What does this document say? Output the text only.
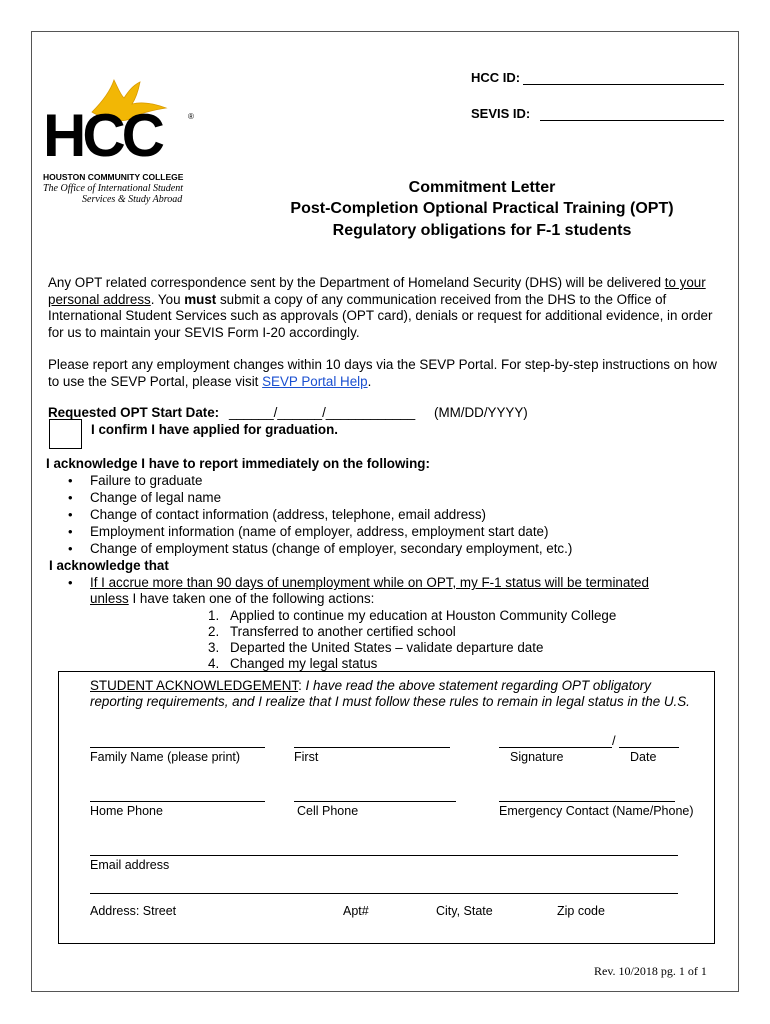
HCC	®
HOUSTON COMMUNITY COLLEGE
The Office of International Student
Services & Study Abroad
HCC ID:
SEVIS ID:
Commitment Letter
Post-Completion Optional Practical Training (OPT)
Regulatory obligations for F-1 students
Any OPT related correspondence sent by the Department of Homeland Security (DHS) will be delivered to your personal address. You must submit a copy of any communication received from the DHS to the Office of International Student Services such as approvals (OPT card), denials or request for additional evidence, in order for us to maintain your SEVIS Form I-20 accordingly.
Please report any employment changes within 10 days via the SEVP Portal. For step-by-step instructions on how to use the SEVP Portal, please visit SEVP Portal Help.
Requested OPT Start Date: ______/______/____________ (MM/DD/YYYY)
I confirm I have applied for graduation.
I acknowledge I have to report immediately on the following:
• Failure to graduate
• Change of legal name
• Change of contact information (address, telephone, email address)
• Employment information (name of employer, address, employment start date)
• Change of employment status (change of employer, secondary employment, etc.)
I acknowledge that
• If I accrue more than 90 days of unemployment while on OPT, my F-1 status will be terminated
unless I have taken one of the following actions:
1. Applied to continue my education at Houston Community College
2. Transferred to another certified school
3. Departed the United States – validate departure date
4. Changed my legal status
STUDENT ACKNOWLEDGEMENT: I have read the above statement regarding OPT obligatory
reporting requirements, and I realize that I must follow these rules to remain in legal status in the U.S.
/
Family Name (please print)	First	Signature	Date
Home Phone	Cell Phone	Emergency Contact (Name/Phone)
Email address
Address: Street	Apt#	City, State	Zip code
Rev. 10/2018 pg. 1 of 1
